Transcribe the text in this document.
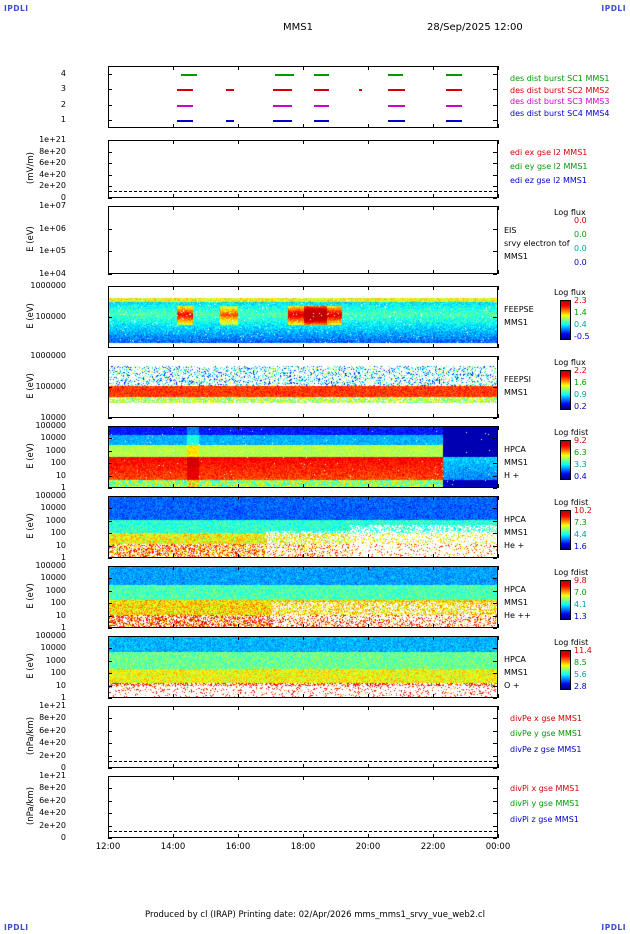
IPDLI	IPDLI
IPDLI	IPDLI
MMS1	28/Sep/2025 12:00
Produced by cl (IRAP) Printing date: 02/Apr/2026 mms_mms1_srvy_vue_web2.cl
4
3
2
1
des dist burst SC1 MMS1
des dist burst SC2 MMS2
des dist burst SC3 MMS3
des dist burst SC4 MMS4
1e+21
8e+20
6e+20
4e+20
2e+20
0
(mV/m)	edi ex gse l2 MMS1
edi ey gse l2 MMS1
edi ez gse l2 MMS1
1e+07
1e+06
1e+05
1e+04
E (eV)	EIS
srvy electron tof
MMS1
Log flux
0.0
0.0
0.0
0.0
1000000
100000
E (eV)	FEEPSE
MMS1
Log flux
2.3
1.4
0.4
-0.5
1000000
100000
10000
E (eV)	FEEPSI
MMS1
Log flux
2.2
1.6
0.9
0.2
100000
10000
1000
100
10
1
E (eV)	HPCA
MMS1
H +
Log fdist
9.2
6.3
3.3
0.4
100000
10000
1000
100
10
1
E (eV)	HPCA
MMS1
He +
Log fdist
10.2
7.3
4.4
1.6
100000
10000
1000
100
10
1
E (eV)	HPCA
MMS1
He ++
Log fdist
9.8
7.0
4.1
1.3
100000
10000
1000
100
10
1
E (eV)	HPCA
MMS1
O +
Log fdist
11.4
8.5
5.6
2.8
1e+21
8e+20
6e+20
4e+20
2e+20
0
(nPa/km)	divPe x gse MMS1
divPe y gse MMS1
divPe z gse MMS1
1e+21
8e+20
6e+20
4e+20
2e+20
0
(nPa/km)	divPi x gse MMS1
divPi y gse MMS1
divPi z gse MMS1
12:00	14:00	16:00	18:00	20:00	22:00	00:00
